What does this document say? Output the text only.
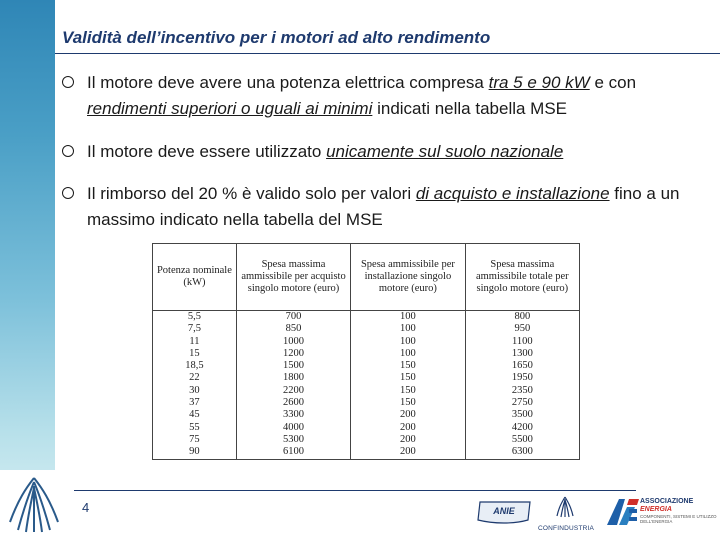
Validità dell’incentivo per i motori ad alto rendimento
Il motore deve avere una potenza elettrica compresa tra 5 e 90 kW e con rendimenti superiori o uguali ai minimi indicati nella tabella MSE
Il motore deve essere utilizzato unicamente sul suolo nazionale
Il rimborso del 20 % è valido solo per valori di acquisto e installazione fino a un massimo indicato nella tabella del MSE
Potenza nominale (kW)	Spesa massima ammissibile per acquisto singolo motore (euro)	Spesa ammissibile per installazione singolo motore (euro)	Spesa massima ammissibile totale per singolo motore (euro)
5,5	700	100	800
7,5	850	100	950
11	1000	100	1100
15	1200	100	1300
18,5	1500	150	1650
22	1800	150	1950
30	2200	150	2350
37	2600	150	2750
45	3300	200	3500
55	4000	200	4200
75	5300	200	5500
90	6100	200	6300
4	ANIE
CONFINDUSTRIA
ASSOCIAZIONE
ENERGIA
COMPONENTI, SISTEMI E UTILIZZO DELL'ENERGIA
